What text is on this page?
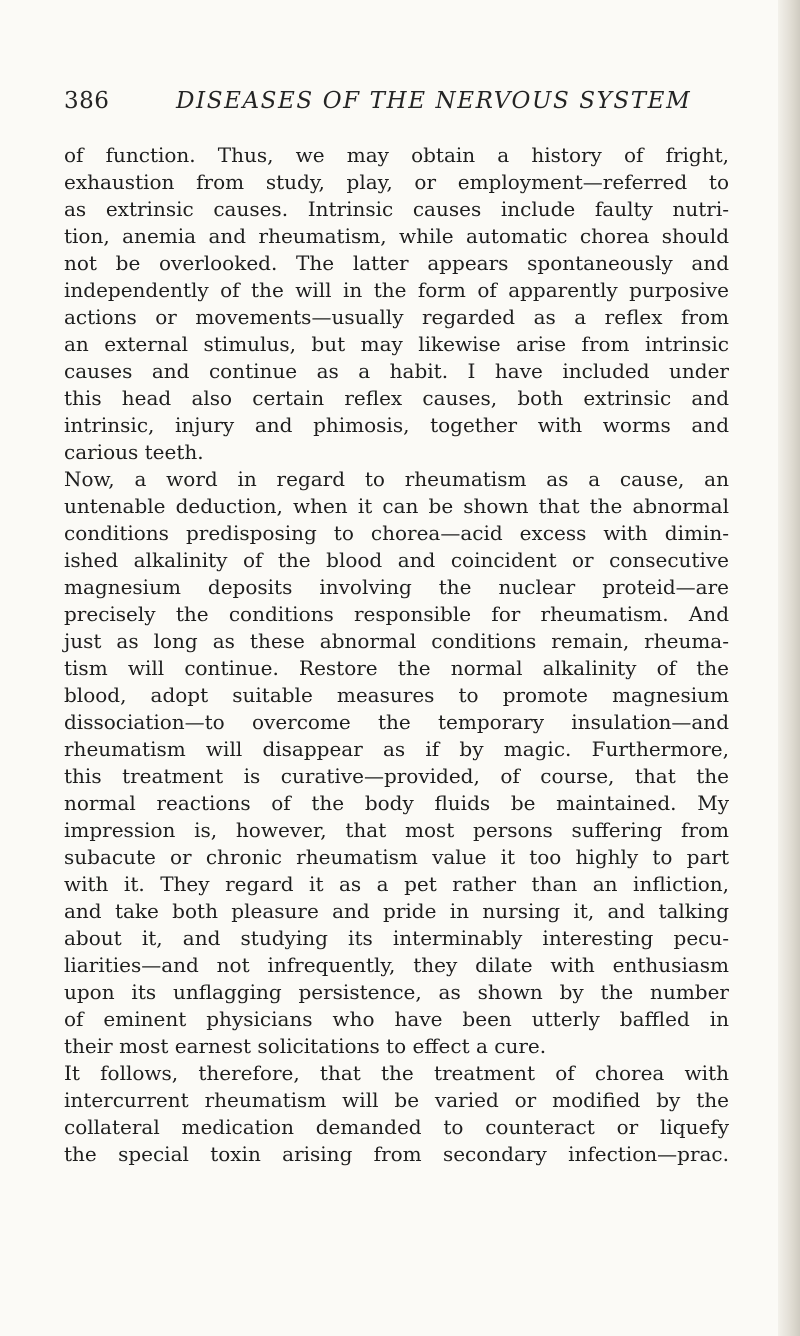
386	DISEASES OF THE NERVOUS SYSTEM
of function. Thus, we may obtain a history of fright,
exhaustion from study, play, or employment—referred to
as extrinsic causes. Intrinsic causes include faulty nutri-
tion, anemia and rheumatism, while automatic chorea should
not be overlooked. The latter appears spontaneously and
independently of the will in the form of apparently purposive
actions or movements—usually regarded as a reflex from
an external stimulus, but may likewise arise from intrinsic
causes and continue as a habit. I have included under
this head also certain reflex causes, both extrinsic and
intrinsic, injury and phimosis, together with worms and
carious teeth.
Now, a word in regard to rheumatism as a cause, an
untenable deduction, when it can be shown that the abnormal
conditions predisposing to chorea—acid excess with dimin-
ished alkalinity of the blood and coincident or consecutive
magnesium deposits involving the nuclear proteid—are
precisely the conditions responsible for rheumatism. And
just as long as these abnormal conditions remain, rheuma-
tism will continue. Restore the normal alkalinity of the
blood, adopt suitable measures to promote magnesium
dissociation—to overcome the temporary insulation—and
rheumatism will disappear as if by magic. Furthermore,
this treatment is curative—provided, of course, that the
normal reactions of the body fluids be maintained. My
impression is, however, that most persons suffering from
subacute or chronic rheumatism value it too highly to part
with it. They regard it as a pet rather than an infliction,
and take both pleasure and pride in nursing it, and talking
about it, and studying its interminably interesting pecu-
liarities—and not infrequently, they dilate with enthusiasm
upon its unflagging persistence, as shown by the number
of eminent physicians who have been utterly baffled in
their most earnest solicitations to effect a cure.
It follows, therefore, that the treatment of chorea with
intercurrent rheumatism will be varied or modified by the
collateral medication demanded to counteract or liquefy
the special toxin arising from secondary infection—prac.
